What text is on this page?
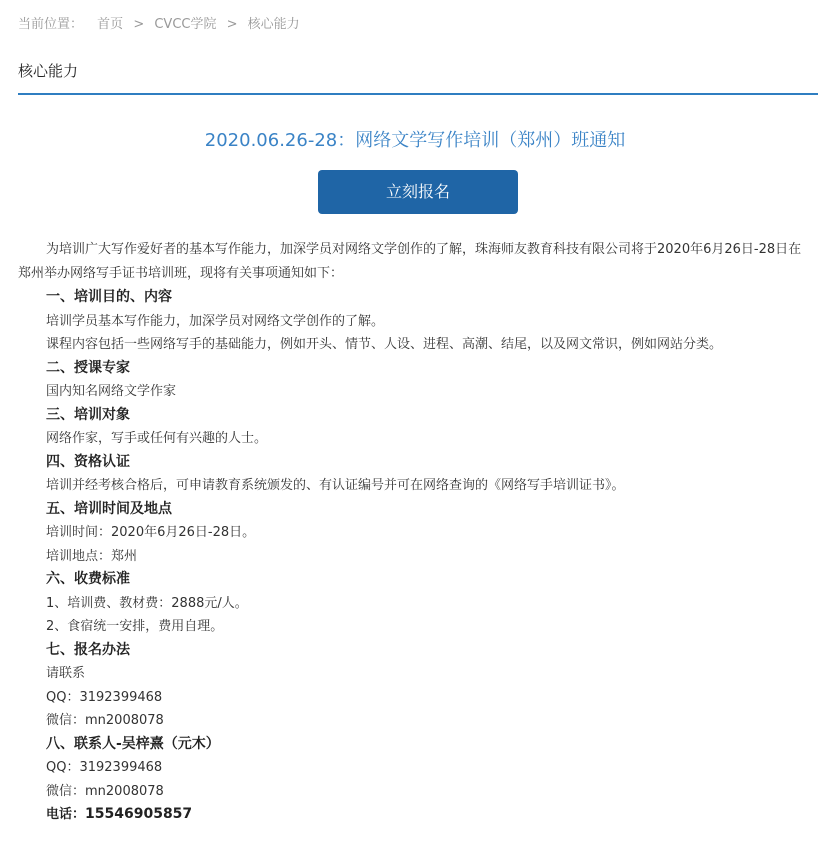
当前位置： 首页 > CVCC学院 > 核心能力
核心能力
2020.06.26-28：网络文学写作培训（郑州）班通知
立刻报名

为培训广大写作爱好者的基本写作能力，加深学员对网络文学创作的了解，珠海师友教育科技有限公司将于2020年6月26日-28日在郑州举办网络写手证书培训班，现将有关事项通知如下：

一、培训目的、内容
培训学员基本写作能力，加深学员对网络文学创作的了解。
课程内容包括一些网络写手的基础能力，例如开头、情节、人设、进程、高潮、结尾，以及网文常识，例如网站分类。
二、授课专家
国内知名网络文学作家
三、培训对象
网络作家，写手或任何有兴趣的人士。
四、资格认证
培训并经考核合格后，可申请教育系统颁发的、有认证编号并可在网络查询的《网络写手培训证书》。
五、培训时间及地点
培训时间：2020年6月26日-28日。
培训地点：郑州
六、收费标准
1、培训费、教材费：2888元/人。
2、食宿统一安排，费用自理。
七、报名办法
请联系
QQ：3192399468
微信：mn2008078
八、联系人-吴梓熹（元木）
QQ：3192399468
微信：mn2008078
电话：15546905857
